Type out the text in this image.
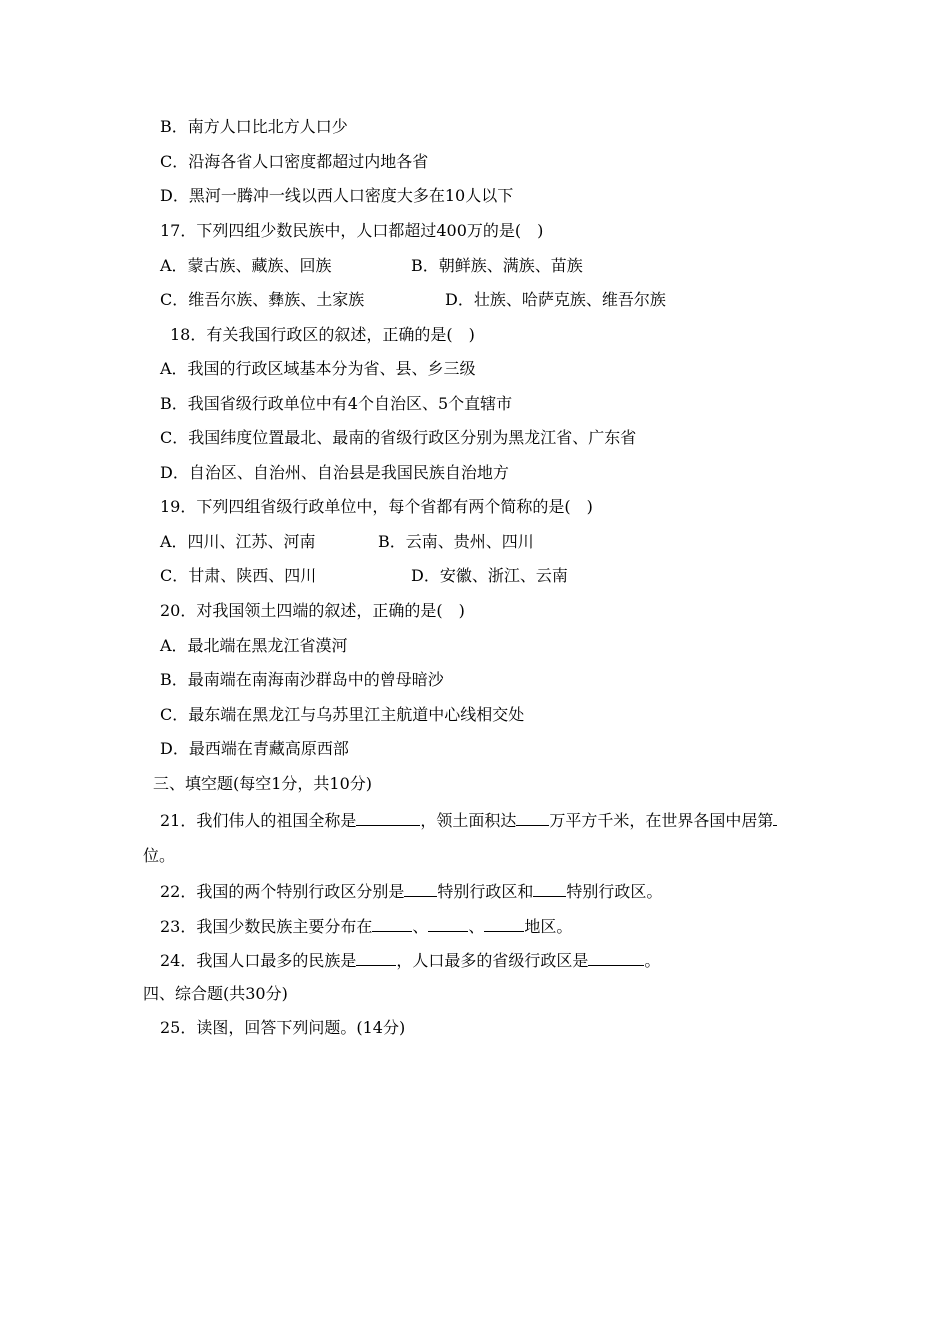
B．南方人口比北方人口少
C．沿海各省人口密度都超过内地各省
D．黑河一腾冲一线以西人口密度大多在10人以下
17．下列四组少数民族中，人口都超过400万的是(　)
A．蒙古族、藏族、回族	B．朝鲜族、满族、苗族
C．维吾尔族、彝族、土家族	D．壮族、哈萨克族、维吾尔族
18．有关我国行政区的叙述，正确的是(　)
A．我国的行政区域基本分为省、县、乡三级
B．我国省级行政单位中有4个自治区、5个直辖市
C．我国纬度位置最北、最南的省级行政区分别为黑龙江省、广东省
D．自治区、自治州、自治县是我国民族自治地方
19．下列四组省级行政单位中，每个省都有两个简称的是(　)
A．四川、江苏、河南	B．云南、贵州、四川
C．甘肃、陕西、四川	D．安徽、浙江、云南
20．对我国领土四端的叙述，正确的是(　)
A．最北端在黑龙江省漠河
B．最南端在南海南沙群岛中的曾母暗沙
C．最东端在黑龙江与乌苏里江主航道中心线相交处
D．最西端在青藏高原西部
三、填空题(每空1分，共10分)
21．我们伟人的祖国全称是	，领土面积达 万平方千米，在世界各国中居第
位。
22．我国的两个特别行政区分别是 特别行政区和 特别行政区。
23．我国少数民族主要分布在	、	、	地区。
24．我国人口最多的民族是	，人口最多的省级行政区是	。
四、综合题(共30分)
25．读图，回答下列问题。(14分)
